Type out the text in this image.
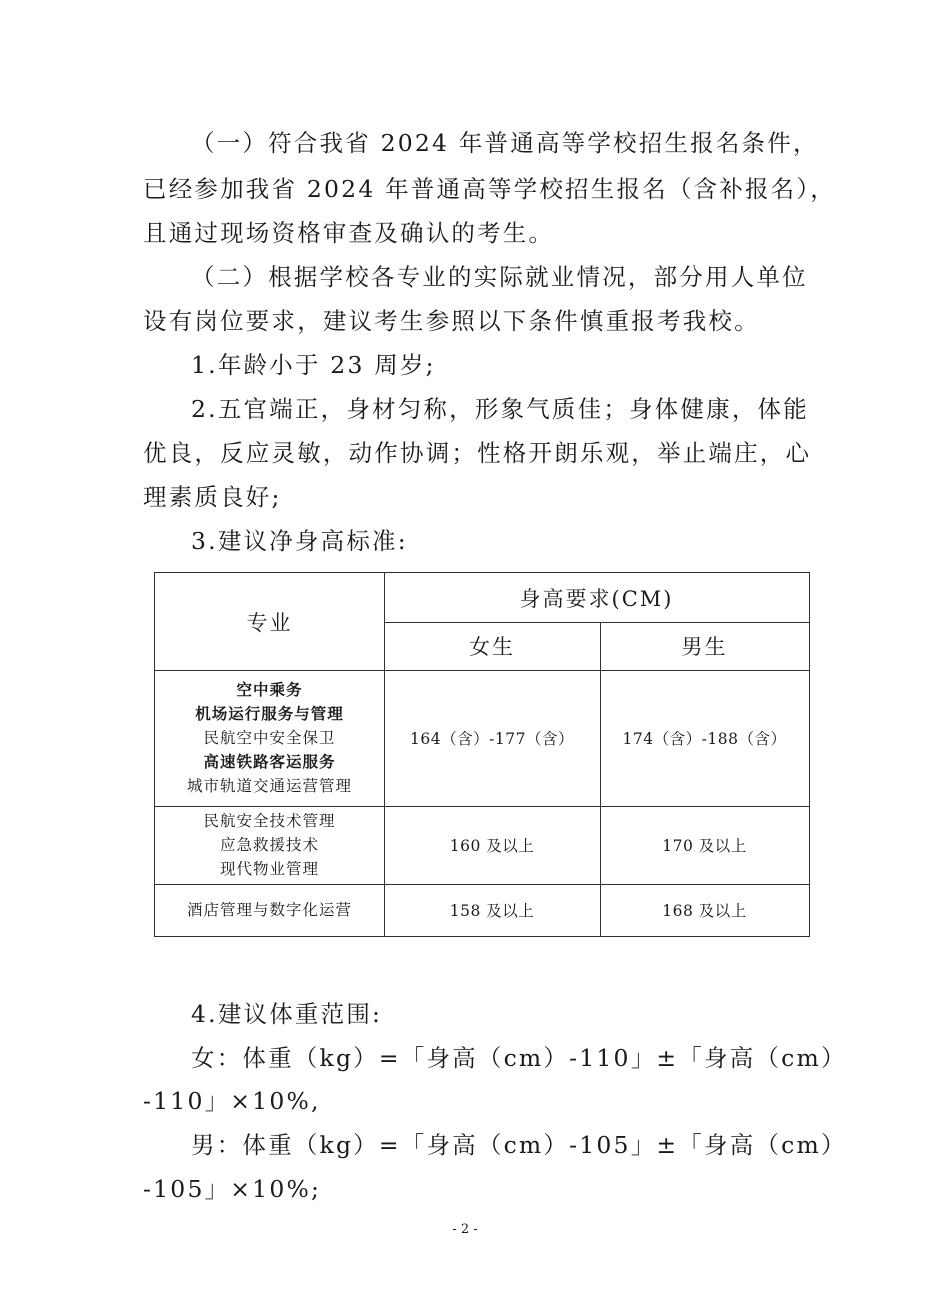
（一）符合我省 2024 年普通高等学校招生报名条件，
已经参加我省 2024 年普通高等学校招生报名（含补报名），
且通过现场资格审查及确认的考生。
（二）根据学校各专业的实际就业情况，部分用人单位
设有岗位要求，建议考生参照以下条件慎重报考我校。
1.年龄小于 23 周岁;
2.五官端正，身材匀称，形象气质佳；身体健康，体能
优良，反应灵敏，动作协调；性格开朗乐观，举止端庄，心
理素质良好;
3.建议净身高标准:
专业
身高要求(CM)
女生	男生
空中乘务
机场运行服务与管理
民航空中安全保卫
高速铁路客运服务
城市轨道交通运营管理
164（含）-177（含）	174（含）-188（含）
民航安全技术管理
应急救援技术
现代物业管理
160 及以上	170 及以上
酒店管理与数字化运营	158 及以上	168 及以上
4.建议体重范围:
女：体重（kg）=「身高（cm）-110」±「身高（cm）
-110」×10%,
男：体重（kg）=「身高（cm）-105」±「身高（cm）
-105」×10%;
- 2 -
